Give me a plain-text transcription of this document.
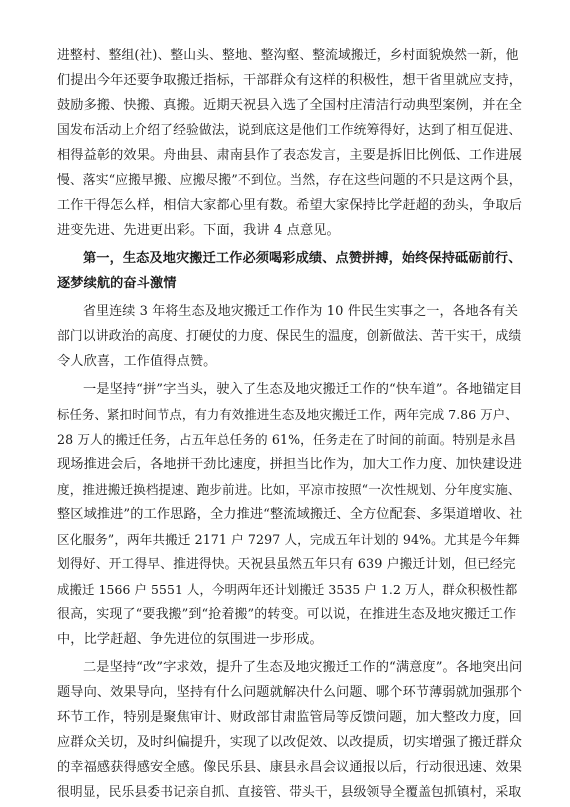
进整村、整组(社)、整山头、整地、整沟壑、整流域搬迁，乡村面貌焕然一新，他
们提出今年还要争取搬迁指标，干部群众有这样的积极性，想干省里就应支持，
鼓励多搬、快搬、真搬。近期天祝县入选了全国村庄清洁行动典型案例，并在全
国发布活动上介绍了经验做法，说到底这是他们工作统筹得好，达到了相互促进、
相得益彰的效果。舟曲县、肃南县作了表态发言，主要是拆旧比例低、工作进展
慢、落实“应搬早搬、应搬尽搬”不到位。当然，存在这些问题的不只是这两个县，
工作干得怎么样，相信大家都心里有数。希望大家保持比学赶超的劲头，争取后
进变先进、先进更出彩。下面，我讲 4 点意见。
第一，生态及地灾搬迁工作必须喝彩成绩、点赞拼搏，始终保持砥砺前行、
逐梦续航的奋斗激情
省里连续 3 年将生态及地灾搬迁工作作为 10 件民生实事之一，各地各有关
部门以讲政治的高度、打硬仗的力度、保民生的温度，创新做法、苦干实干，成绩
令人欣喜，工作值得点赞。
一是坚持“拼”字当头，驶入了生态及地灾搬迁工作的“快车道”。各地锚定目
标任务、紧扣时间节点，有力有效推进生态及地灾搬迁工作，两年完成 7.86 万户、
28 万人的搬迁任务，占五年总任务的 61%，任务走在了时间的前面。特别是永昌
现场推进会后，各地拼干劲比速度，拼担当比作为，加大工作力度、加快建设进
度，推进搬迁换档提速、跑步前进。比如，平凉市按照“一次性规划、分年度实施、
整区域推进”的工作思路，全力推进“整流域搬迁、全方位配套、多渠道增收、社
区化服务”，两年共搬迁 2171 户 7297 人，完成五年计划的 94%。尤其是今年舞
划得好、开工得早、推进得快。天祝县虽然五年只有 639 户搬迁计划，但已经完
成搬迁 1566 户 5551 人，今明两年还计划搬迁 3535 户 1.2 万人，群众积极性都
很高，实现了“要我搬”到“抢着搬”的转变。可以说，在推进生态及地灾搬迁工作
中，比学赶超、争先进位的氛围进一步形成。
二是坚持“改”字求效，提升了生态及地灾搬迁工作的“满意度”。各地突出问
题导向、效果导向，坚持有什么问题就解决什么问题、哪个环节薄弱就加强那个
环节工作，特别是聚焦审计、财政部甘肃监管局等反馈问题，加大整改力度，回
应群众关切，及时纠偏提升，实现了以改促效、以改提质，切实增强了搬迁群众
的幸福感获得感安全感。像民乐县、康县永昌会议通报以后，行动很迅速、效果
很明显，民乐县委书记亲自抓、直接管、带头干，县级领导全覆盖包抓镇村，采取
